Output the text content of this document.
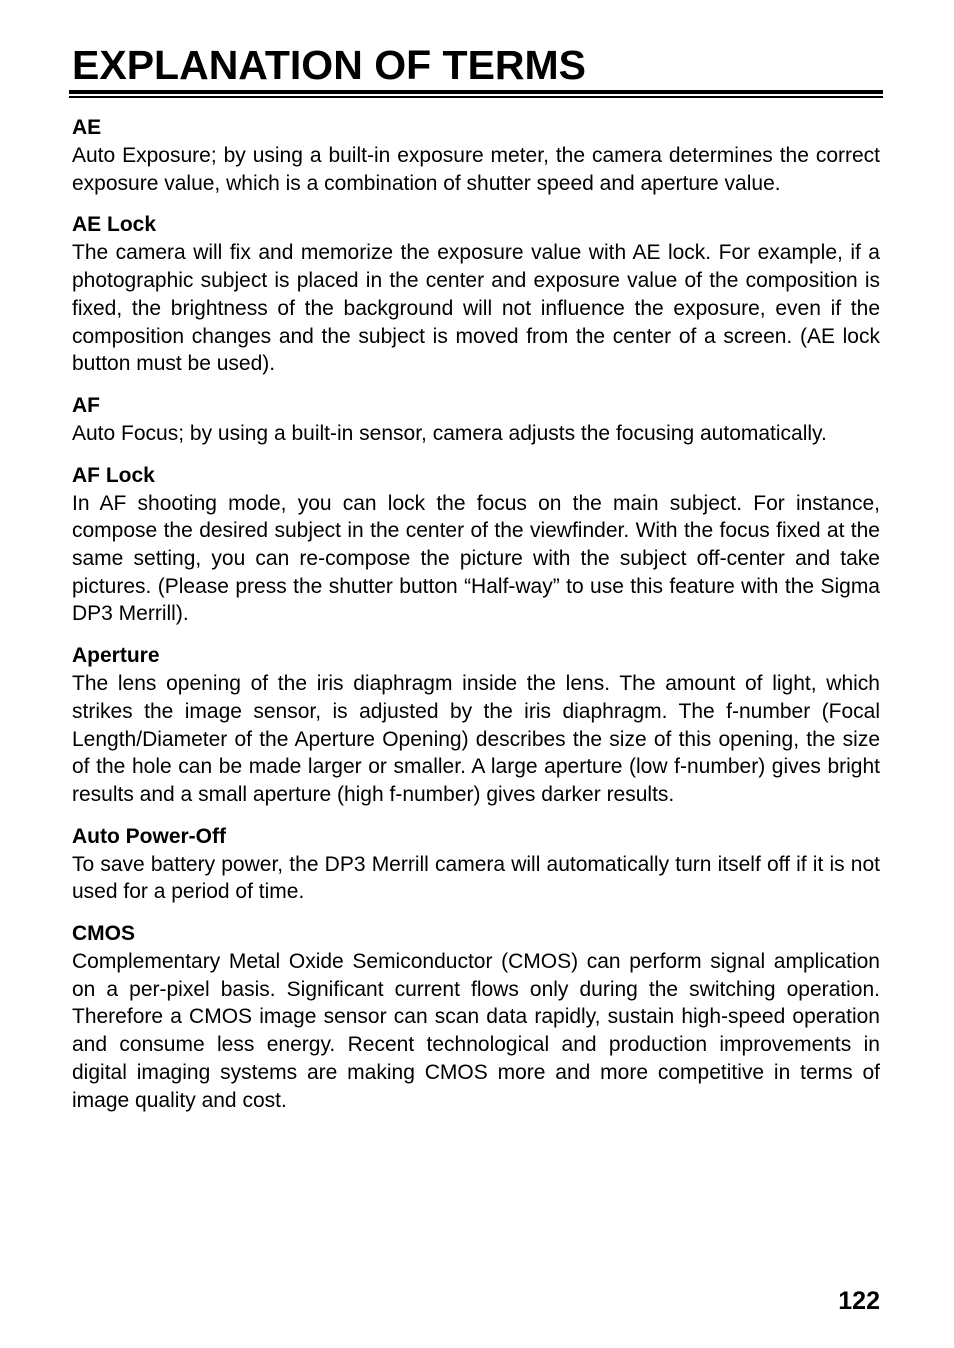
EXPLANATION OF TERMS

AE

Auto Exposure; by using a built-in exposure meter, the camera determines the correct exposure value, which is a combination of shutter speed and aperture value.

AE Lock

The camera will fix and memorize the exposure value with AE lock. For example, if a photographic subject is placed in the center and exposure value of the composition is fixed, the brightness of the background will not influence the exposure, even if the composition changes and the subject is moved from the center of a screen. (AE lock button must be used).

AF

Auto Focus; by using a built-in sensor, camera adjusts the focusing automatically.

AF Lock

In AF shooting mode, you can lock the focus on the main subject. For instance, compose the desired subject in the center of the viewfinder. With the focus fixed at the same setting, you can re-compose the picture with the subject off-center and take pictures. (Please press the shutter button “Half-way” to use this feature with the Sigma DP3 Merrill).

Aperture

The lens opening of the iris diaphragm inside the lens. The amount of light, which strikes the image sensor, is adjusted by the iris diaphragm. The f-number (Focal Length/Diameter of the Aperture Opening) describes the size of this opening, the size of the hole can be made larger or smaller. A large aperture (low f-number) gives bright results and a small aperture (high f-number) gives darker results.

Auto Power-Off

To save battery power, the DP3 Merrill camera will automatically turn itself off if it is not used for a period of time.

CMOS

Complementary Metal Oxide Semiconductor (CMOS) can perform signal amplication on a per-pixel basis. Significant current flows only during the switching operation. Therefore a CMOS image sensor can scan data rapidly, sustain high-speed operation and consume less energy. Recent technological and production improvements in digital imaging systems are making CMOS more and more competitive in terms of image quality and cost.

122
